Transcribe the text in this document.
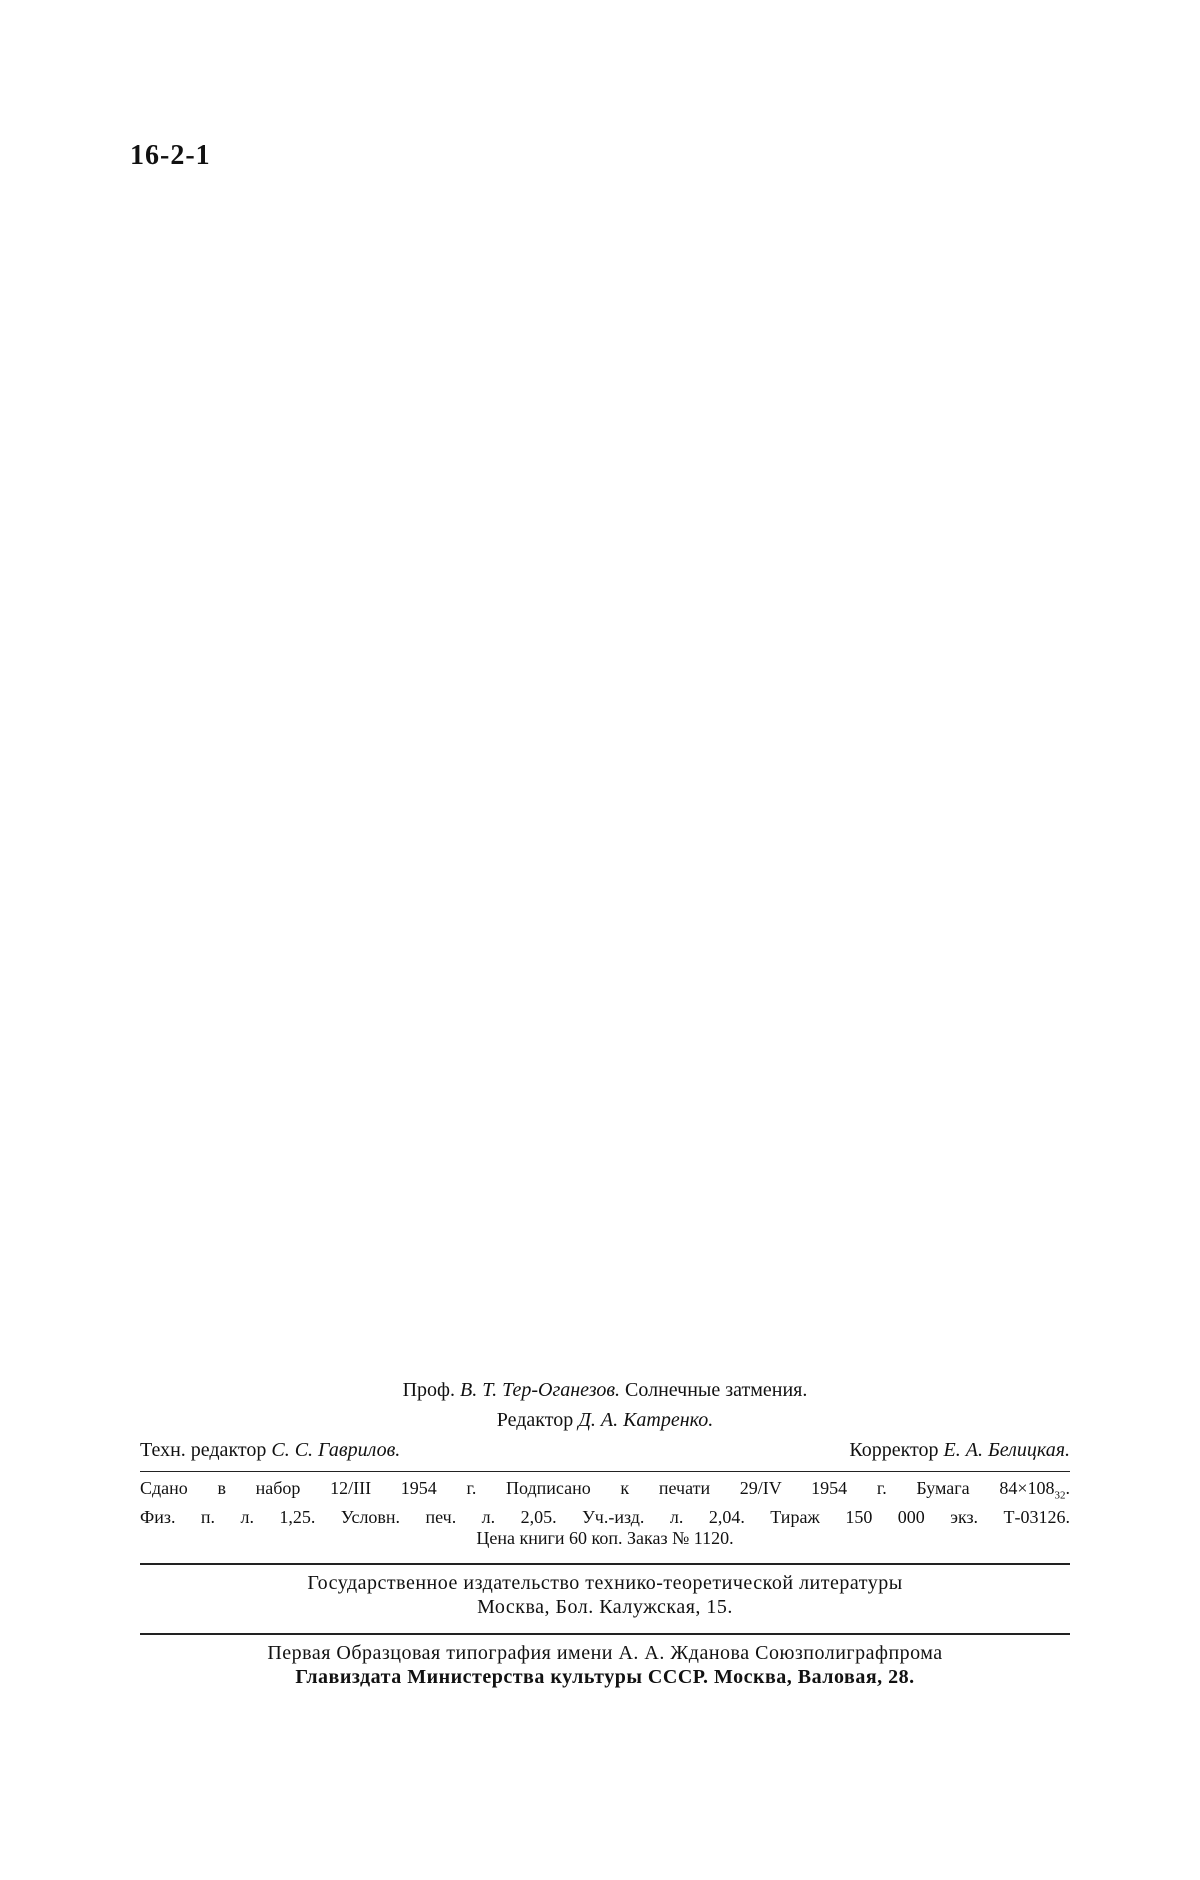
16-2-1
Проф. В. Т. Тер-Оганезов. Солнечные затмения.
Редактор Д. А. Катренко.
Техн. редактор С. С. Гаврилов.	Корректор Е. А. Белицкая.
Сдано в набор 12/III 1954 г. Подписано к печати 29/IV 1954 г. Бумага $84\times 108_{32}$.
Физ. п. л. 1,25. Условн. печ. л. 2,05. Уч.-изд. л. 2,04. Тираж 150 000 экз. Т-03126.
Цена книги 60 коп. Заказ № 1120.
Государственное издательство технико-теоретической литературы
Москва, Бол. Калужская, 15.
Первая Образцовая типография имени А. А. Жданова Союзполиграфпрома
Главиздата Министерства культуры СССР. Москва, Валовая, 28.
